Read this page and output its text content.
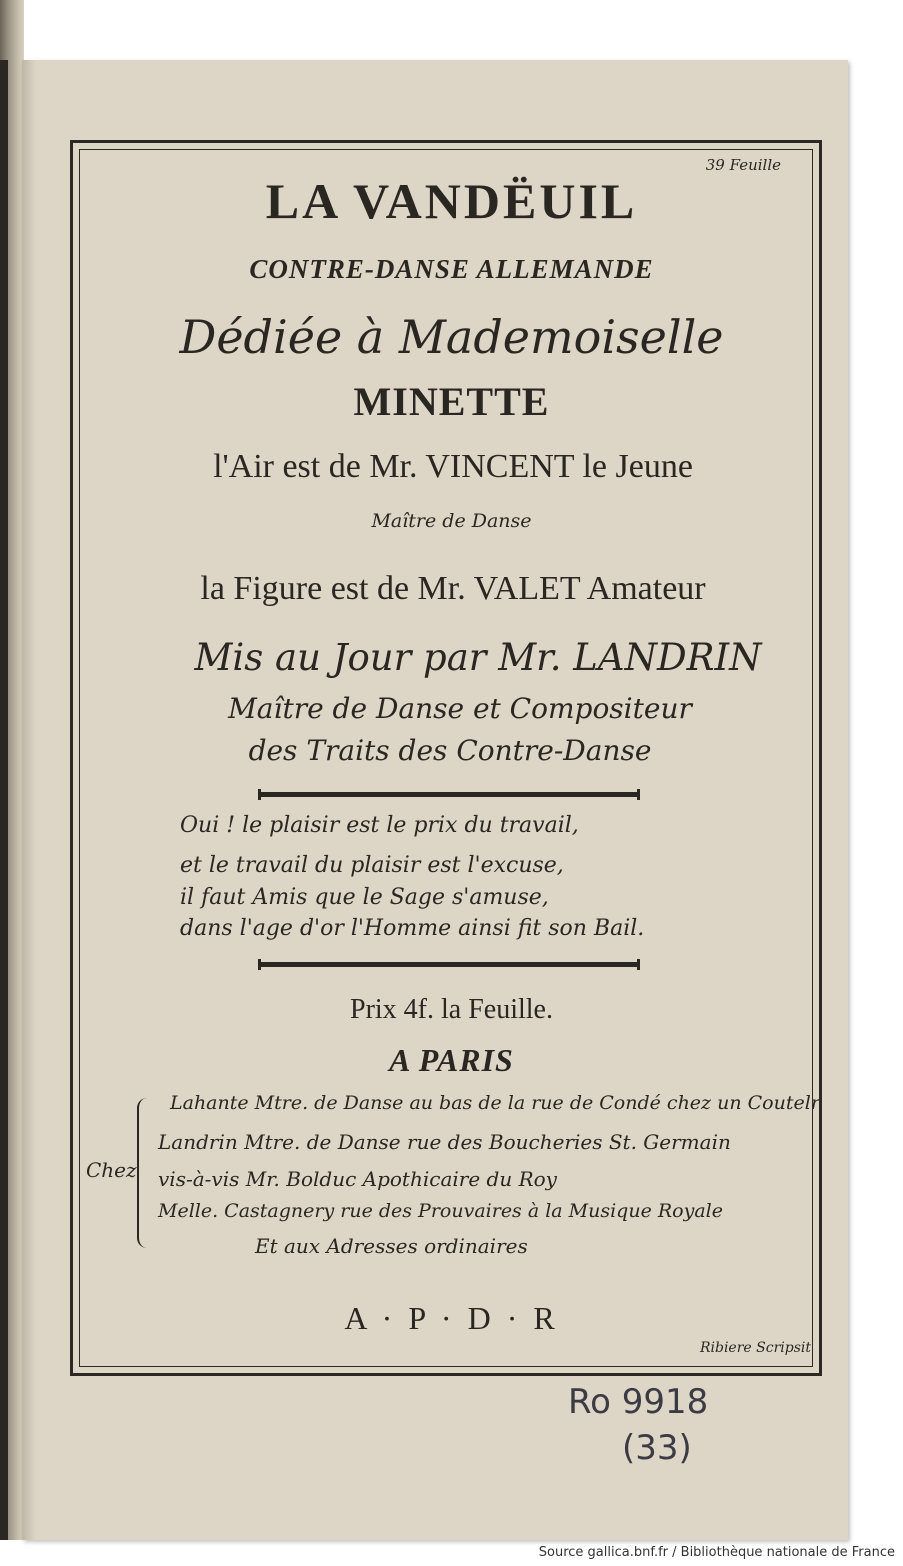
39 Feuille

LA VANDËUIL

CONTRE-DANSE ALLEMANDE

Dédiée à Mademoiselle

MINETTE

l'Air est de Mr. VINCENT le Jeune

Maître de Danse

la Figure est de Mr. VALET Amateur

Mis au Jour par Mr. LANDRIN

Maître de Danse et Compositeur

des Traits des Contre-Danse

Oui ! le plaisir est le prix du travail,

et le travail du plaisir est l'excuse,

il faut Amis que le Sage s'amuse,

dans l'age d'or l'Homme ainsi fit son Bail.

Prix 4f. la Feuille.

A PARIS

Chez

Lahante Mtre. de Danse au bas de la rue de Condé chez un Coutelr.

Landrin Mtre. de Danse rue des Boucheries St. Germain

vis-à-vis Mr. Bolduc Apothicaire du Roy

Melle. Castagnery rue des Prouvaires à la Musique Royale

Et aux Adresses ordinaires

A · P · D · R

Ribiere Scripsit

Ro 9918

(33)

Source gallica.bnf.fr / Bibliothèque nationale de France
